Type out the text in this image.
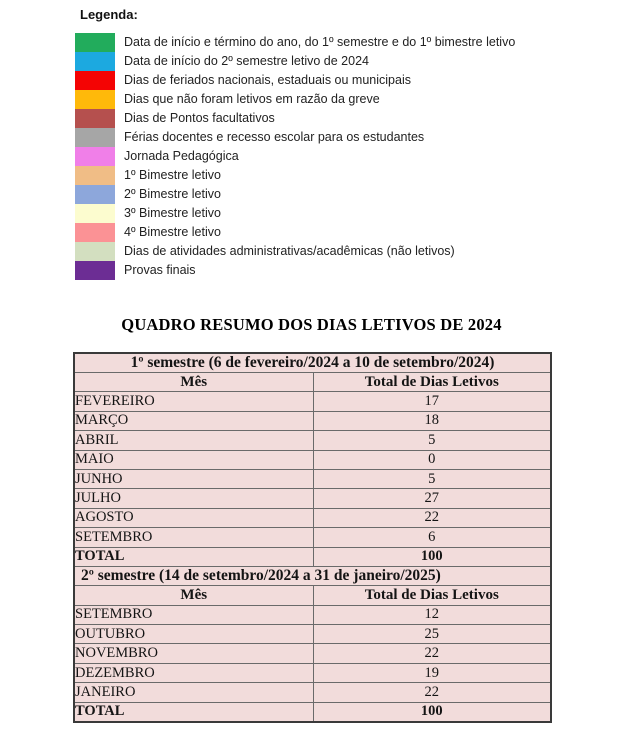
Legenda:
Data de início e término do ano, do 1º semestre e do 1º bimestre letivo
Data de início do 2º semestre letivo de 2024
Dias de feriados nacionais, estaduais ou municipais
Dias que não foram letivos em razão da greve
Dias de Pontos facultativos
Férias docentes e recesso escolar para os estudantes
Jornada Pedagógica
1º Bimestre letivo
2º Bimestre letivo
3º Bimestre letivo
4º Bimestre letivo
Dias de atividades administrativas/acadêmicas (não letivos)
Provas finais
QUADRO RESUMO DOS DIAS LETIVOS DE 2024
1º semestre (6 de fevereiro/2024 a 10 de setembro/2024)	
Mês	Total de Dias Letivos
FEVEREIRO	17
MARÇO	18
ABRIL	5
MAIO	0
JUNHO	5
JULHO	27
AGOSTO	22
SETEMBRO	6
TOTAL	100
2º semestre (14 de setembro/2024 a 31 de janeiro/2025)	
Mês	Total de Dias Letivos
SETEMBRO	12
OUTUBRO	25
NOVEMBRO	22
DEZEMBRO	19
JANEIRO	22
TOTAL	100
